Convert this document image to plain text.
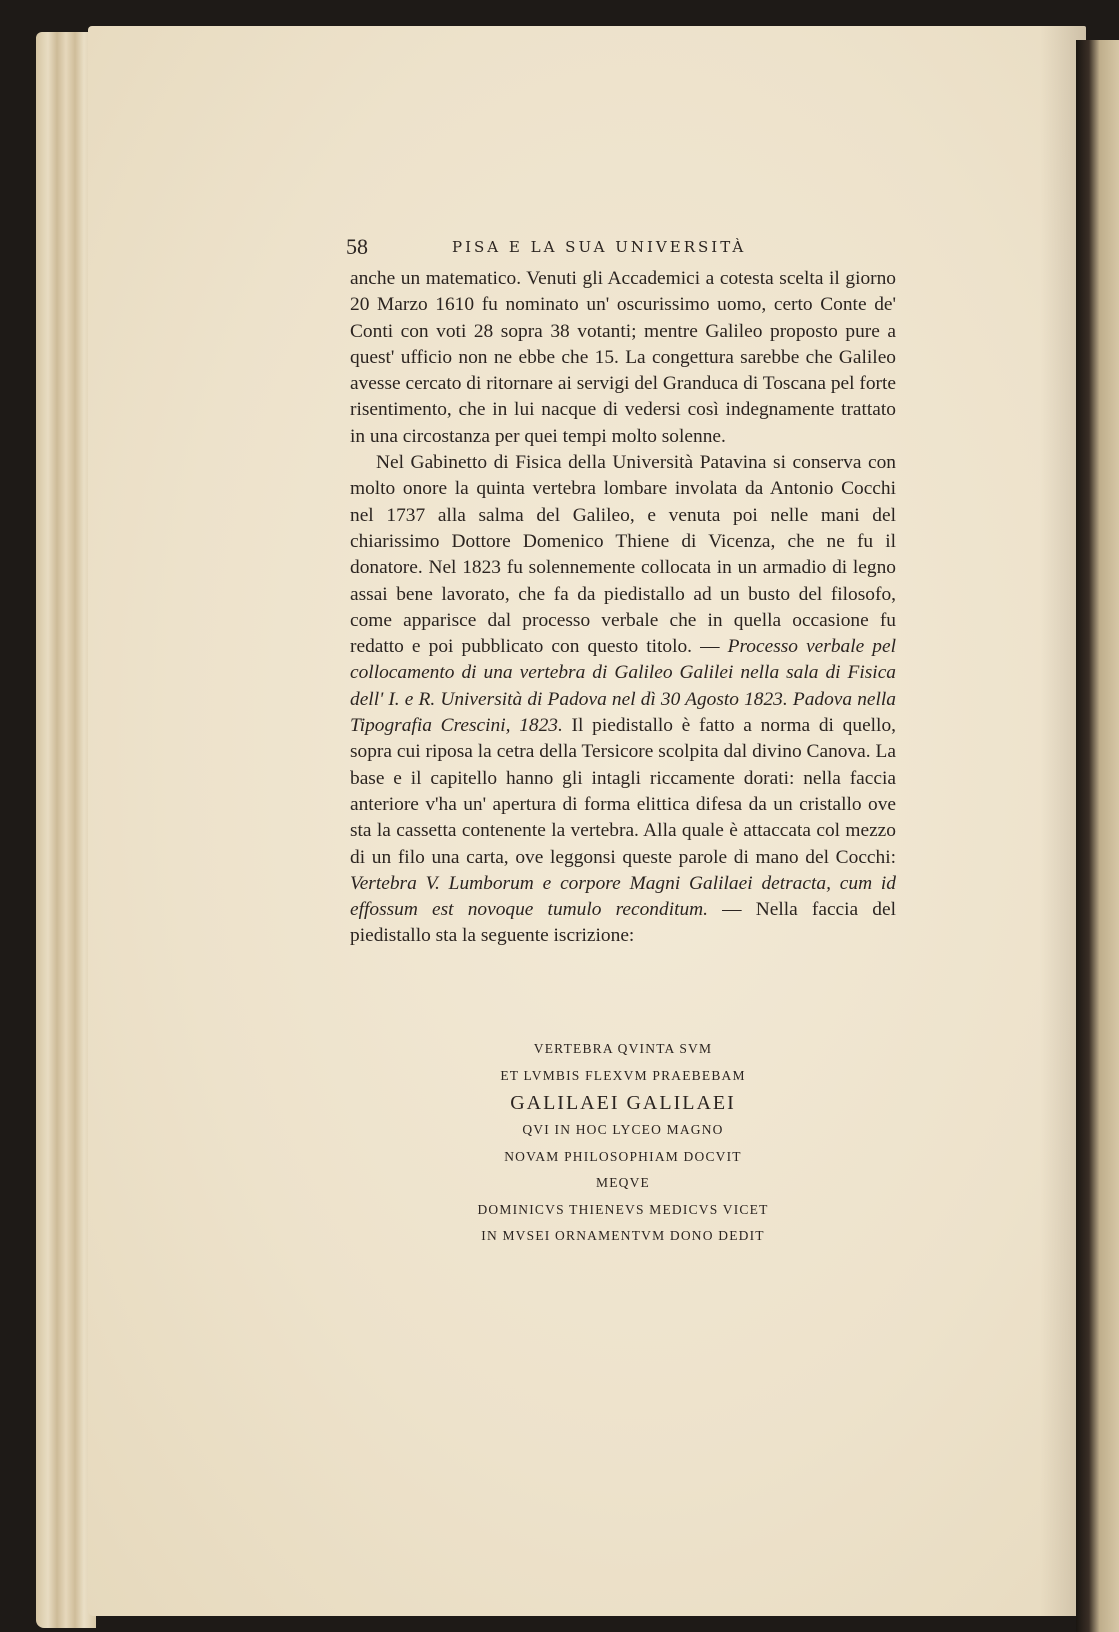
58	PISA E LA SUA UNIVERSITÀ

anche un matematico. Venuti gli Accademici a cotesta scelta il giorno 20 Marzo 1610 fu nominato un' oscurissimo uomo, certo Conte de' Conti con voti 28 sopra 38 votanti; mentre Galileo proposto pure a quest' ufficio non ne ebbe che 15. La congettura sarebbe che Galileo avesse cercato di ritornare ai servigi del Granduca di Toscana pel forte risentimento, che in lui nacque di vedersi così indegnamente trattato in una circostanza per quei tempi molto solenne.

Nel Gabinetto di Fisica della Università Patavina si conserva con molto onore la quinta vertebra lombare involata da Antonio Cocchi nel 1737 alla salma del Galileo, e venuta poi nelle mani del chiarissimo Dottore Domenico Thiene di Vicenza, che ne fu il donatore. Nel 1823 fu solennemente collocata in un armadio di legno assai bene lavorato, che fa da piedistallo ad un busto del filosofo, come apparisce dal processo verbale che in quella occasione fu redatto e poi pubblicato con questo titolo. — Processo verbale pel collocamento di una vertebra di Galileo Galilei nella sala di Fisica dell' I. e R. Università di Padova nel dì 30 Agosto 1823. Padova nella Tipografia Crescini, 1823. Il piedistallo è fatto a norma di quello, sopra cui riposa la cetra della Tersicore scolpita dal divino Canova. La base e il capitello hanno gli intagli riccamente dorati: nella faccia anteriore v'ha un' apertura di forma elittica difesa da un cristallo ove sta la cassetta contenente la vertebra. Alla quale è attaccata col mezzo di un filo una carta, ove leggonsi queste parole di mano del Cocchi: Vertebra V. Lumborum e corpore Magni Galilaei detracta, cum id effossum est novoque tumulo reconditum. — Nella faccia del piedistallo sta la seguente iscrizione:

VERTEBRA QVINTA SVM
ET LVMBIS FLEXVM PRAEBEBAM
GALILAEI GALILAEI
QVI IN HOC LYCEO MAGNO
NOVAM PHILOSOPHIAM DOCVIT
MEQVE
DOMINICVS THIENEVS MEDICVS VICET
IN MVSEI ORNAMENTVM DONO DEDIT
